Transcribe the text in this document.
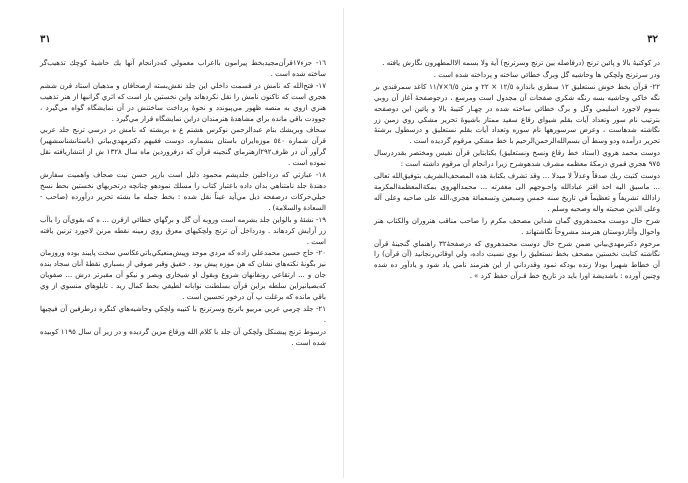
٣٢

در كوكتيهٔ بالا و پائين ترنج (درفاصله بين ترنج وسرترنج) آية ولا بسمه الاالمطهرون نگارش يافته .

ودر سرترنج ولچكي ها وحاشيه گل وبرگ خطائي ساخته و پرداخته شده است .

٢٢- قرآن بخط خوش نستعليق ١٢ سطري باندازه ١٢/٥ × ٢٢ و متن ٦/٥×١١/٧ کاغذ سمرقندي بر نگه خاكي وحاشيه بسه رنگه شكري صفحات آن مجدول است ومرسع ، درجوصفحهٔ آغاز آن روبي بسوم لاجورد اسليمي وگل و برگ خطائي ساخته شده در چهـار كتيبهٔ بالا و پائين اين دوصفحه بترتيب نام سور وتعداد آيات بقلم شيواي رقاع سفيد ممتاز باشيوهٔ تحرير مشكي روي زمين زر نگاشته شدهاست ، وعرض سرسورهها نام سوره وتعداد آيات بقلم نستعليق و درسطول برشتهٔ تحرير درآمده ودو وسط آن بسم‌الله‌الرحمن‌الرحيم با خط مشكي مرقوم گرديده است .

دوست محمد هروي (استاد خط رقاع ونسخ ونستعليق) بكتابتاين قرآن نفيس ومختصر بقدردرسال ٩٧٥ هجري قمري درمكهٔ معظمه مشرف شدهوشرح زيرا درانجام آن مرقوم داشته است :

دوست كتبت ربك صدقاً وعدلاً لا مبدلا ... وقد تشرف بكتابة هذه المصحف‌الشريف بتوفيق‌الله تعالى ... ماسيق اليه احد اقتر عبادالله واحـوجهم الى مغفرته ... محمدالهروي بمكةالمعظمةالمكرمة زادالله تشريفاً و تعظيماً في تاريخ سنه خمس وسبعين وتسعمائة هجري،الله على صاحبه وعلى آله وعلى الذين صحبته واله وصحبه وسلم .

شرح حال دوست محمدهروي گمان شداين مصحف مكرم را صاحب مناقب هنروران والكتاب هنر واحوال وآثاردوستان هنرمند مشروحاً نگاشتهاند .

مرحوم دكترمهدي‌بياني ضمن شرح حال دوست محمدهروي كه درصفحهٔ٣٢ راهنماي گنجينهٔ قرآن نگاشته كتابت نخستين مصحف بخط نستعليق را بوي نسبت داده، ولي اوقاتي‌رنجانيد (آن قرآن) را آن خطاط شهيرا بودلا زنده بودكه نمود وقدرداني از اين هنرمند نامي ياد شود و يادآور ده شده وچنين آورده : باشديشة اورا بايد در تاريخ خط قـرآن حفظ كرد » .

٣١

١٦- جزء١٧قرآن‌مجيدبخط پيرامون بااعراب معمولي كه‌درانجام آنها يك حاشيهٔ كوچك تذهيب‌گر ساخته شده است .

١٧- فتح‌الله كه نامش در قسمت داخلي اين جلد نقش‌بسته ازصحافان و مذهبان استاد قرن ششم هجري است كه تاكنون نامش را نقل نكردهاند واين نخستين بار است كه اثري گرانبها از هنر تذهيب هنري ازوي به منصه ظهور مي‌پيوندد و نحوهٔ پرداخت ساختنش در آن نمايشگاه گواه مي‌گيرد ، جوودت باقي مانده براي مشاهدهٔ هنرمندان دراين نمايشگاه قرار مي‌گيرد .

سحاف وبريشك بنام عبدالرحمن نوكرس هشتم ع ه بريشته كه نامش در درسي ترنج جلد عربي قرآن شماره ٥٤٠ موزه‌ايران باستان بنشماره. دوست فقيهم دكترمهدي‌بياني (باستانشناسشهير) گرآور آن در ظرف٢٩٢ازهنرماي گنجينه قرآن كه درفروردين ماه سال ١٣٢٨ ش از انتشاريافته نقل نموده است .

١٨- عبارتي كه درداخلين جلدپشم محمود دليل است بازپر حسن نيت صحاف واهميت سفارش دهندهٔ جلد نامتناهي بدان داده باعتبار كتاب را مسلك نمودهو چنانچه درتحريهاي نخستين بحط نسخ حيلي‌حركات درصفحه ذيل مي‌آيد عيناً نقل شده : بخط جمله ما بشته تحرير درآورده (صاحب - السعادة والسلامة) .

١٩- نشئهٔ و بالواين جلد بشرمه است وروبه آن گل و برگهاي خطائي ازقرن ... ه كه بقوي‌آن را باآب زر آرايش كردهاند . ودرداخل آن ترنج ولچكيهاي معرق روي زمينه نقطه مرنن لاجورد ترنين يافته است .

٢٠- حاج حسين محمدعلي زاده كه مردي موحد وپيش‌منعيكي‌باتي‌عكاسي سخت پايبند بوده وروزمان نيز بگونهٔ نكته‌هاي نشان كه هن موزه پيش بود . خفيق وقبر صوقي از بسباري نقطهٔ آنان سجاد بنده جان و ... ارتقاعي رونفانهان شروع وبقول او شيخاري وبصر و نيكو آن مقبرتر درش ... صفويان كه‌بصيانيراين سلطه براين قرآن بسلطنت نوابانه لطيفي بحط كمال ريد . تابلوهاي منسوي از وي باقي مانده كه برغلت پ آن درخور تحسين است .

٢١- جلد چرمي عربي مربيو باترنج وسرترنج با كتيبه ولچكي وحاشيه‌هاي كنگره درطرفين آن فيچيها .

درسوط ترنج پيشنكل ولچكي آن جلد با كلام الله ورقاع مزين گرديده و در زير آن سال ١١٩٥ كوبيده شده است .
